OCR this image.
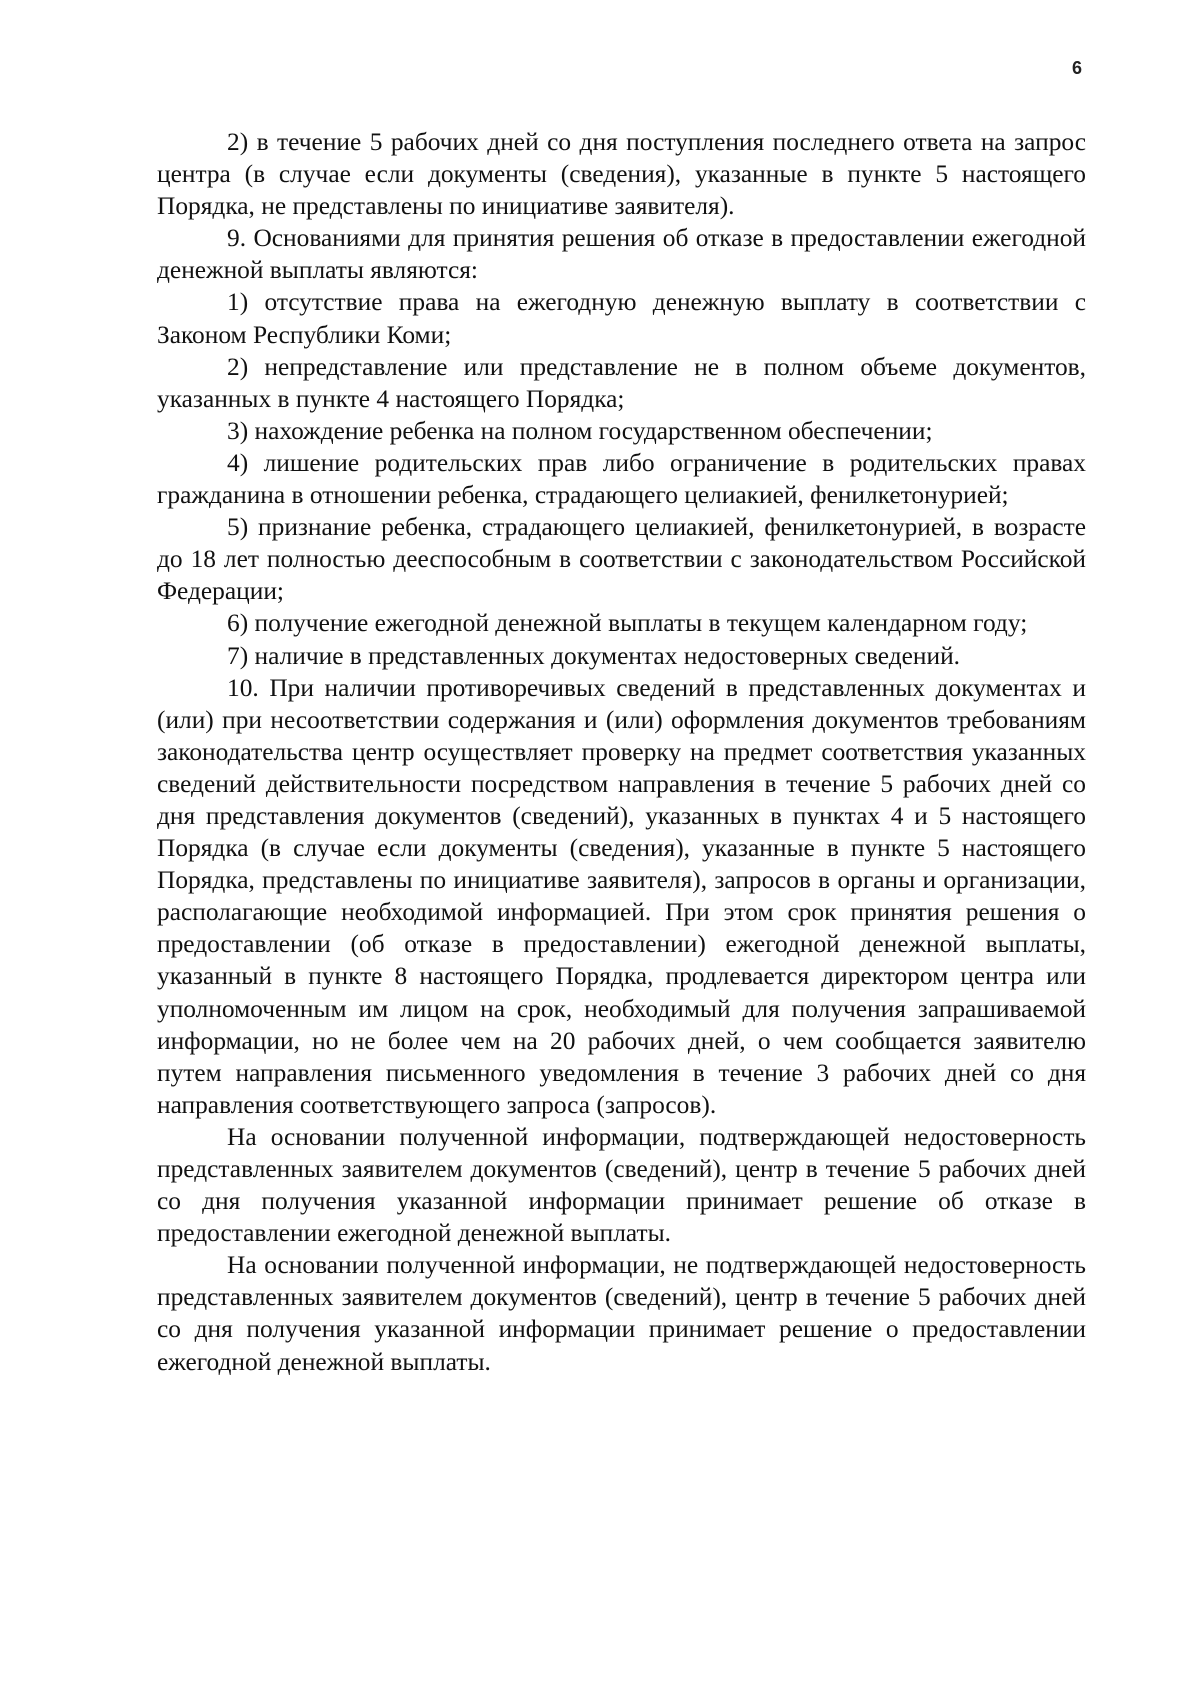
6

2) в течение 5 рабочих дней со дня поступления последнего ответа на запрос центра (в случае если документы (сведения), указанные в пункте 5 настоящего Порядка, не представлены по инициативе заявителя).

9. Основаниями для принятия решения об отказе в предоставлении ежегодной денежной выплаты являются:

1) отсутствие права на ежегодную денежную выплату в соответствии с Законом Республики Коми;

2) непредставление или представление не в полном объеме документов, указанных в пункте 4 настоящего Порядка;

3) нахождение ребенка на полном государственном обеспечении;

4) лишение родительских прав либо ограничение в родительских правах гражданина в отношении ребенка, страдающего целиакией, фенилкетонурией;

5) признание ребенка, страдающего целиакией, фенилкетонурией, в возрасте до 18 лет полностью дееспособным в соответствии с законодательством Российской Федерации;

6) получение ежегодной денежной выплаты в текущем календарном году;

7) наличие в представленных документах недостоверных сведений.

10. При наличии противоречивых сведений в представленных документах и (или) при несоответствии содержания и (или) оформления документов требованиям законодательства центр осуществляет проверку на предмет соответствия указанных сведений действительности посредством направления в течение 5 рабочих дней со дня представления документов (сведений), указанных в пунктах 4 и 5 настоящего Порядка (в случае если документы (сведения), указанные в пункте 5 настоящего Порядка, представлены по инициативе заявителя), запросов в органы и организации, располагающие необходимой информацией. При этом срок принятия решения о предоставлении (об отказе в предоставлении) ежегодной денежной выплаты, указанный в пункте 8 настоящего Порядка, продлевается директором центра или уполномоченным им лицом на срок, необходимый для получения запрашиваемой информации, но не более чем на 20 рабочих дней, о чем сообщается заявителю путем направления письменного уведомления в течение 3 рабочих дней со дня направления соответствующего запроса (запросов).

На основании полученной информации, подтверждающей недостоверность представленных заявителем документов (сведений), центр в течение 5 рабочих дней со дня получения указанной информации принимает решение об отказе в предоставлении ежегодной денежной выплаты.

На основании полученной информации, не подтверждающей недостоверность представленных заявителем документов (сведений), центр в течение 5 рабочих дней со дня получения указанной информации принимает решение о предоставлении ежегодной денежной выплаты.
